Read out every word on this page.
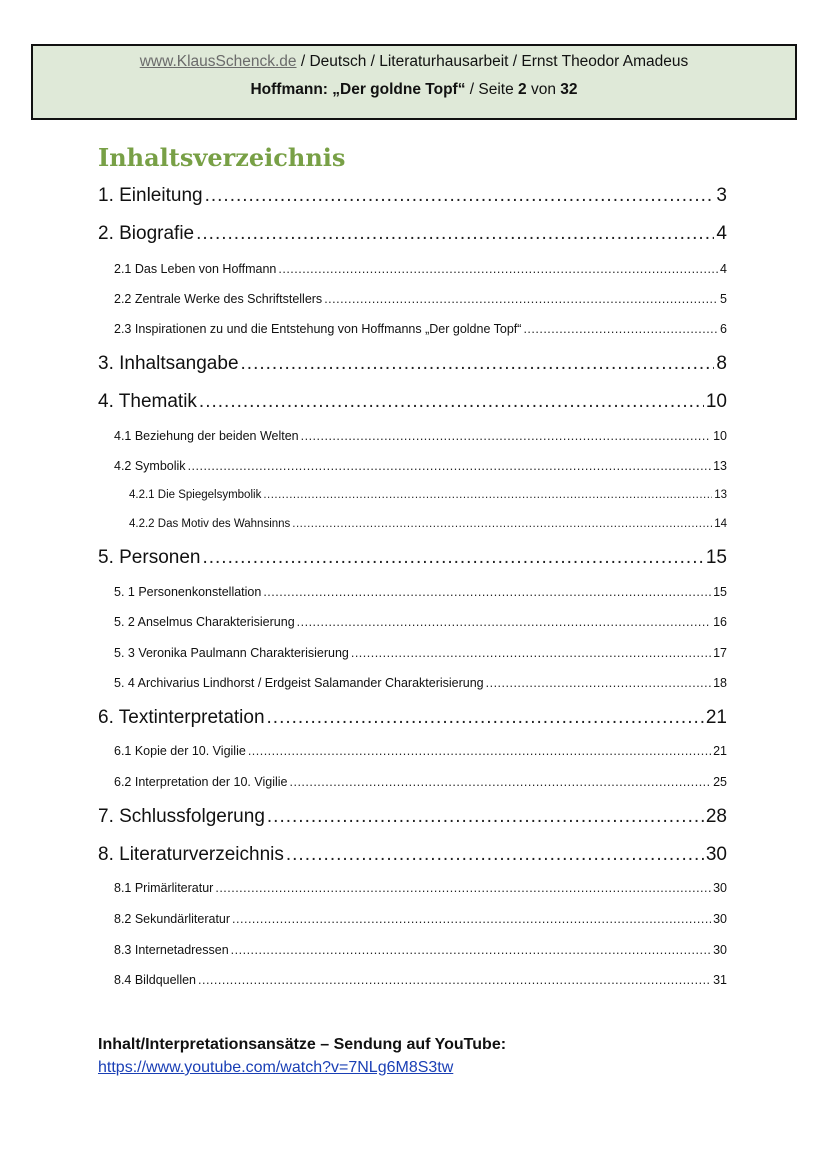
www.KlausSchenck.de / Deutsch / Literaturhausarbeit / Ernst Theodor Amadeus
Hoffmann: „Der goldne Topf“ / Seite 2 von 32
Inhaltsverzeichnis
1. Einleitung .....	3
2. Biografie .....	4
2.1 Das Leben von Hoffmann .....	4
2.2 Zentrale Werke des Schriftstellers .....	5
2.3 Inspirationen zu und die Entstehung von Hoffmanns „Der goldne Topf“ .....	6
3. Inhaltsangabe .....	8
4. Thematik .....	10
4.1 Beziehung der beiden Welten .....	10
4.2 Symbolik .....	13
4.2.1 Die Spiegelsymbolik .....	13
4.2.2 Das Motiv des Wahnsinns .....	14
5. Personen .....	15
5. 1 Personenkonstellation .....	15
5. 2 Anselmus Charakterisierung .....	16
5. 3 Veronika Paulmann Charakterisierung .....	17
5. 4 Archivarius Lindhorst / Erdgeist Salamander Charakterisierung .....	18
6. Textinterpretation .....	21
6.1 Kopie der 10. Vigilie .....	21
6.2 Interpretation der 10. Vigilie .....	25
7. Schlussfolgerung .....	28
8. Literaturverzeichnis .....	30
8.1 Primärliteratur .....	30
8.2 Sekundärliteratur .....	30
8.3 Internetadressen .....	30
8.4 Bildquellen .....	31
Inhalt/Interpretationsansätze – Sendung auf YouTube:
https://www.youtube.com/watch?v=7NLg6M8S3tw
